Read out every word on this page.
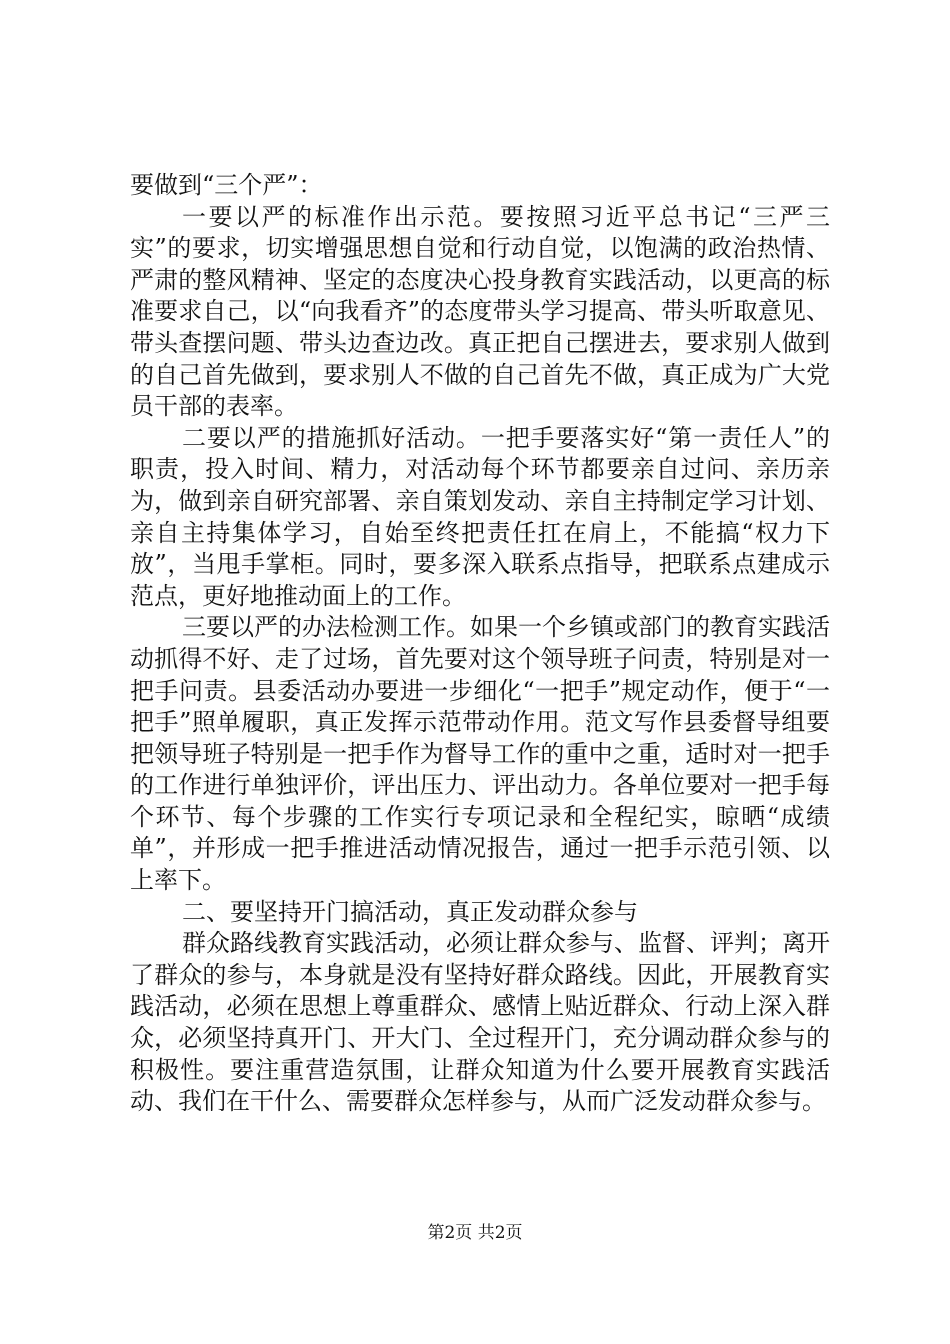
要做到“三个严”：

一要以严的标准作出示范。要按照习近平总书记“三严三实”的要求，切实增强思想自觉和行动自觉，以饱满的政治热情、严肃的整风精神、坚定的态度决心投身教育实践活动，以更高的标准要求自己，以“向我看齐”的态度带头学习提高、带头听取意见、带头查摆问题、带头边查边改。真正把自己摆进去，要求别人做到的自己首先做到，要求别人不做的自己首先不做，真正成为广大党员干部的表率。

二要以严的措施抓好活动。一把手要落实好“第一责任人”的职责，投入时间、精力，对活动每个环节都要亲自过问、亲历亲为，做到亲自研究部署、亲自策划发动、亲自主持制定学习计划、亲自主持集体学习，自始至终把责任扛在肩上，不能搞“权力下放”，当甩手掌柜。同时，要多深入联系点指导，把联系点建成示范点，更好地推动面上的工作。

三要以严的办法检测工作。如果一个乡镇或部门的教育实践活动抓得不好、走了过场，首先要对这个领导班子问责，特别是对一把手问责。县委活动办要进一步细化“一把手”规定动作，便于“一把手”照单履职，真正发挥示范带动作用。范文写作县委督导组要把领导班子特别是一把手作为督导工作的重中之重，适时对一把手的工作进行单独评价，评出压力、评出动力。各单位要对一把手每个环节、每个步骤的工作实行专项记录和全程纪实，晾晒“成绩单”，并形成一把手推进活动情况报告，通过一把手示范引领、以上率下。

二、要坚持开门搞活动，真正发动群众参与

群众路线教育实践活动，必须让群众参与、监督、评判；离开了群众的参与，本身就是没有坚持好群众路线。因此，开展教育实践活动，必须在思想上尊重群众、感情上贴近群众、行动上深入群众，必须坚持真开门、开大门、全过程开门，充分调动群众参与的积极性。要注重营造氛围，让群众知道为什么要开展教育实践活动、我们在干什么、需要群众怎样参与，从而广泛发动群众参与。

第2页 共2页
